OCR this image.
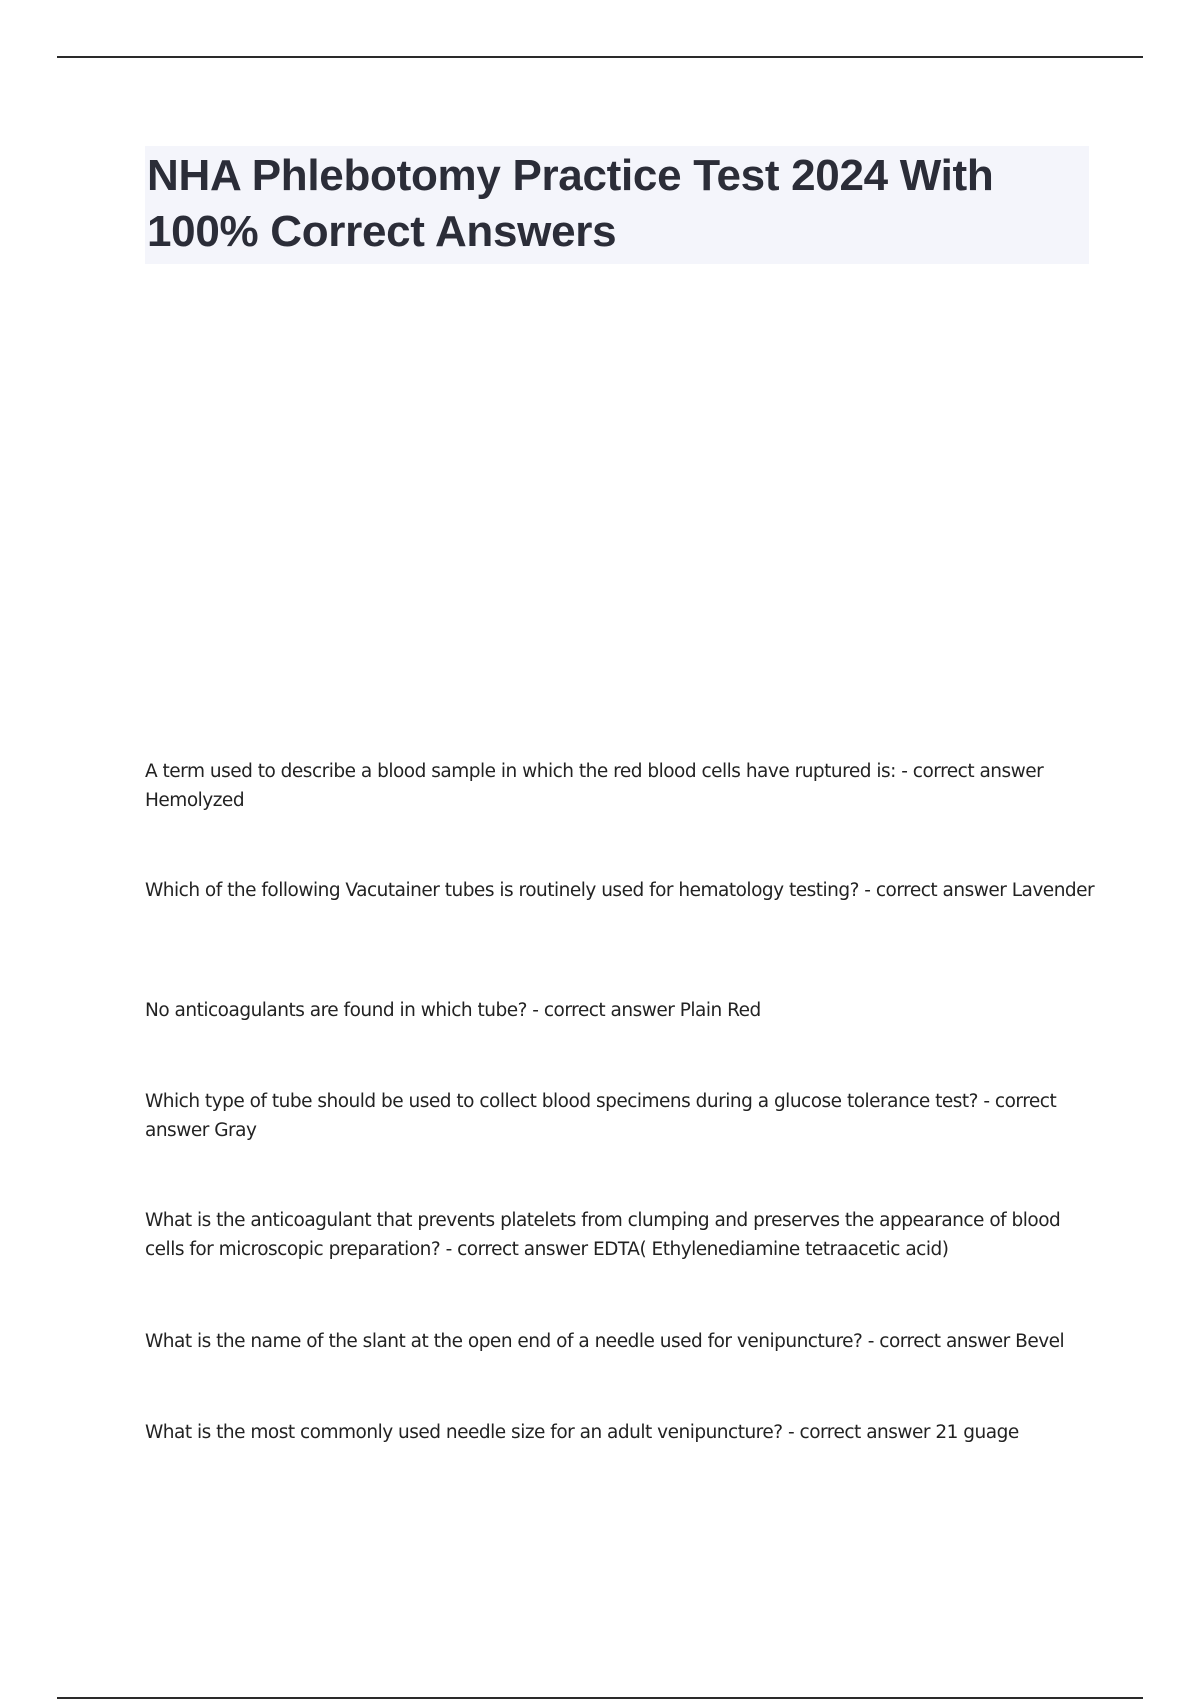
NHA Phlebotomy Practice Test 2024 With 100% Correct Answers
A term used to describe a blood sample in which the red blood cells have ruptured is: - correct answer Hemolyzed
Which of the following Vacutainer tubes is routinely used for hematology testing? - correct answer Lavender
No anticoagulants are found in which tube? - correct answer Plain Red
Which type of tube should be used to collect blood specimens during a glucose tolerance test? - correct answer Gray
What is the anticoagulant that prevents platelets from clumping and preserves the appearance of blood cells for microscopic preparation? - correct answer EDTA( Ethylenediamine tetraacetic acid)
What is the name of the slant at the open end of a needle used for venipuncture? - correct answer Bevel
What is the most commonly used needle size for an adult venipuncture? - correct answer 21 guage
